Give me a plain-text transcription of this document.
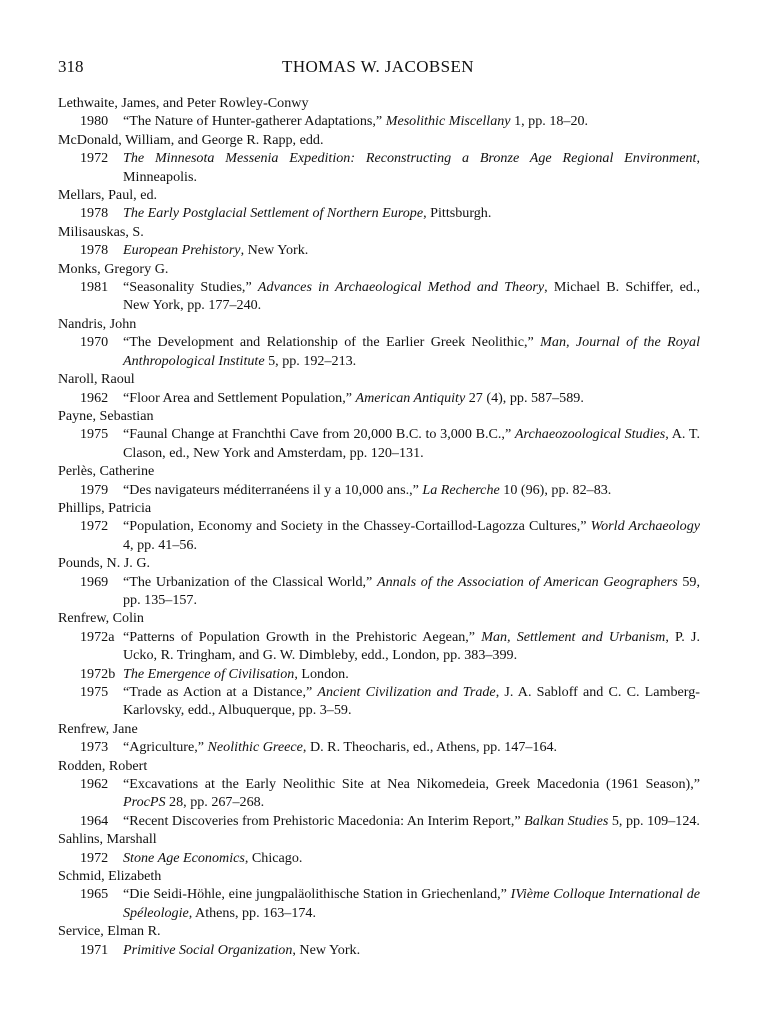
318	THOMAS W. JACOBSEN
Lethwaite, James, and Peter Rowley-Conwy
1980 “The Nature of Hunter-gatherer Adaptations,” Mesolithic Miscellany 1, pp. 18–20.
McDonald, William, and George R. Rapp, edd.
1972 The Minnesota Messenia Expedition: Reconstructing a Bronze Age Regional Environment, Minneapolis.
Mellars, Paul, ed.
1978 The Early Postglacial Settlement of Northern Europe, Pittsburgh.
Milisauskas, S.
1978 European Prehistory, New York.
Monks, Gregory G.
1981 “Seasonality Studies,” Advances in Archaeological Method and Theory, Michael B. Schiffer, ed., New York, pp. 177–240.
Nandris, John
1970 “The Development and Relationship of the Earlier Greek Neolithic,” Man, Journal of the Royal Anthropological Institute 5, pp. 192–213.
Naroll, Raoul
1962 “Floor Area and Settlement Population,” American Antiquity 27 (4), pp. 587–589.
Payne, Sebastian
1975 “Faunal Change at Franchthi Cave from 20,000 B.C. to 3,000 B.C.,” Archaeozoological Studies, A. T. Clason, ed., New York and Amsterdam, pp. 120–131.
Perlès, Catherine
1979 “Des navigateurs méditerranéens il y a 10,000 ans.,” La Recherche 10 (96), pp. 82–83.
Phillips, Patricia
1972 “Population, Economy and Society in the Chassey-Cortaillod-Lagozza Cultures,” World Archaeology 4, pp. 41–56.
Pounds, N. J. G.
1969 “The Urbanization of the Classical World,” Annals of the Association of American Geographers 59, pp. 135–157.
Renfrew, Colin
1972a “Patterns of Population Growth in the Prehistoric Aegean,” Man, Settlement and Urbanism, P. J. Ucko, R. Tringham, and G. W. Dimbleby, edd., London, pp. 383–399.
1972b The Emergence of Civilisation, London.
1975 “Trade as Action at a Distance,” Ancient Civilization and Trade, J. A. Sabloff and C. C. Lamberg-Karlovsky, edd., Albuquerque, pp. 3–59.
Renfrew, Jane
1973 “Agriculture,” Neolithic Greece, D. R. Theocharis, ed., Athens, pp. 147–164.
Rodden, Robert
1962 “Excavations at the Early Neolithic Site at Nea Nikomedeia, Greek Macedonia (1961 Season),” ProcPS 28, pp. 267–268.
1964 “Recent Discoveries from Prehistoric Macedonia: An Interim Report,” Balkan Studies 5, pp. 109–124.
Sahlins, Marshall
1972 Stone Age Economics, Chicago.
Schmid, Elizabeth
1965 “Die Seidi-Höhle, eine jungpaläolithische Station in Griechenland,” IVième Colloque International de Spéleologie, Athens, pp. 163–174.
Service, Elman R.
1971 Primitive Social Organization, New York.
